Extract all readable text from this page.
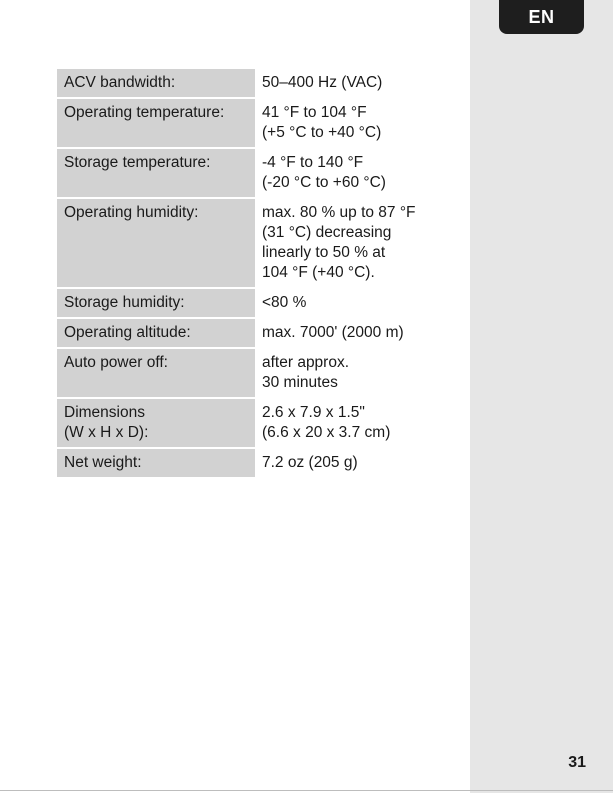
EN
ACV bandwidth:	50–400 Hz (VAC)
Operating temperature:	41 °F to 104 °F
(+5 °C to +40 °C)
Storage temperature:	-4 °F to 140 °F
(-20 °C to +60 °C)
Operating humidity:	max. 80 % up to 87 °F
(31 °C) decreasing
linearly to 50 % at
104 °F (+40 °C).
Storage humidity:	<80 %
Operating altitude:	max. 7000' (2000 m)
Auto power off:	after approx.
30 minutes
Dimensions
(W x H x D):	2.6 x 7.9 x 1.5"
(6.6 x 20 x 3.7 cm)
Net weight:	7.2 oz (205 g)
31
